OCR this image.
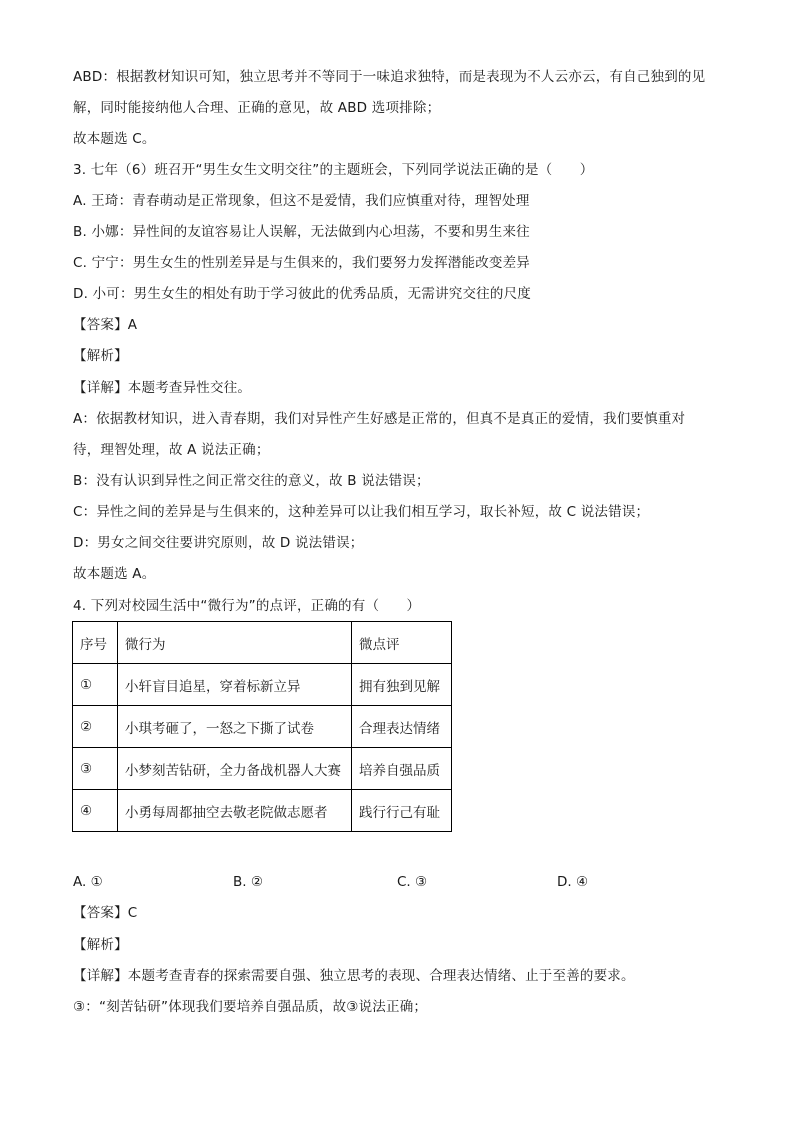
ABD：根据教材知识可知，独立思考并不等同于一味追求独特，而是表现为不人云亦云，有自己独到的见
解，同时能接纳他人合理、正确的意见，故 ABD 选项排除；
故本题选 C。
3. 七年（6）班召开“男生女生文明交往”的主题班会，下列同学说法正确的是（　　）
A. 王琦：青春萌动是正常现象，但这不是爱情，我们应慎重对待，理智处理
B. 小娜：异性间的友谊容易让人误解，无法做到内心坦荡，不要和男生来往
C. 宁宁：男生女生的性别差异是与生俱来的，我们要努力发挥潜能改变差异
D. 小可：男生女生的相处有助于学习彼此的优秀品质，无需讲究交往的尺度
【答案】A
【解析】
【详解】本题考查异性交往。
A：依据教材知识，进入青春期，我们对异性产生好感是正常的，但真不是真正的爱情，我们要慎重对
待，理智处理，故 A 说法正确；
B：没有认识到异性之间正常交往的意义，故 B 说法错误；
C：异性之间的差异是与生俱来的，这种差异可以让我们相互学习，取长补短，故 C 说法错误；
D：男女之间交往要讲究原则，故 D 说法错误；
故本题选 A。
4. 下列对校园生活中“微行为”的点评，正确的有（　　）
序号	微行为	微点评
①	小轩盲目追星，穿着标新立异	拥有独到见解
②	小琪考砸了，一怒之下撕了试卷	合理表达情绪
③	小梦刻苦钻研，全力备战机器人大赛	培养自强品质
④	小勇每周都抽空去敬老院做志愿者	践行行己有耻
A. ①	B. ②	C. ③	D. ④
【答案】C
【解析】
【详解】本题考查青春的探索需要自强、独立思考的表现、合理表达情绪、止于至善的要求。
③：“刻苦钻研”体现我们要培养自强品质，故③说法正确；
